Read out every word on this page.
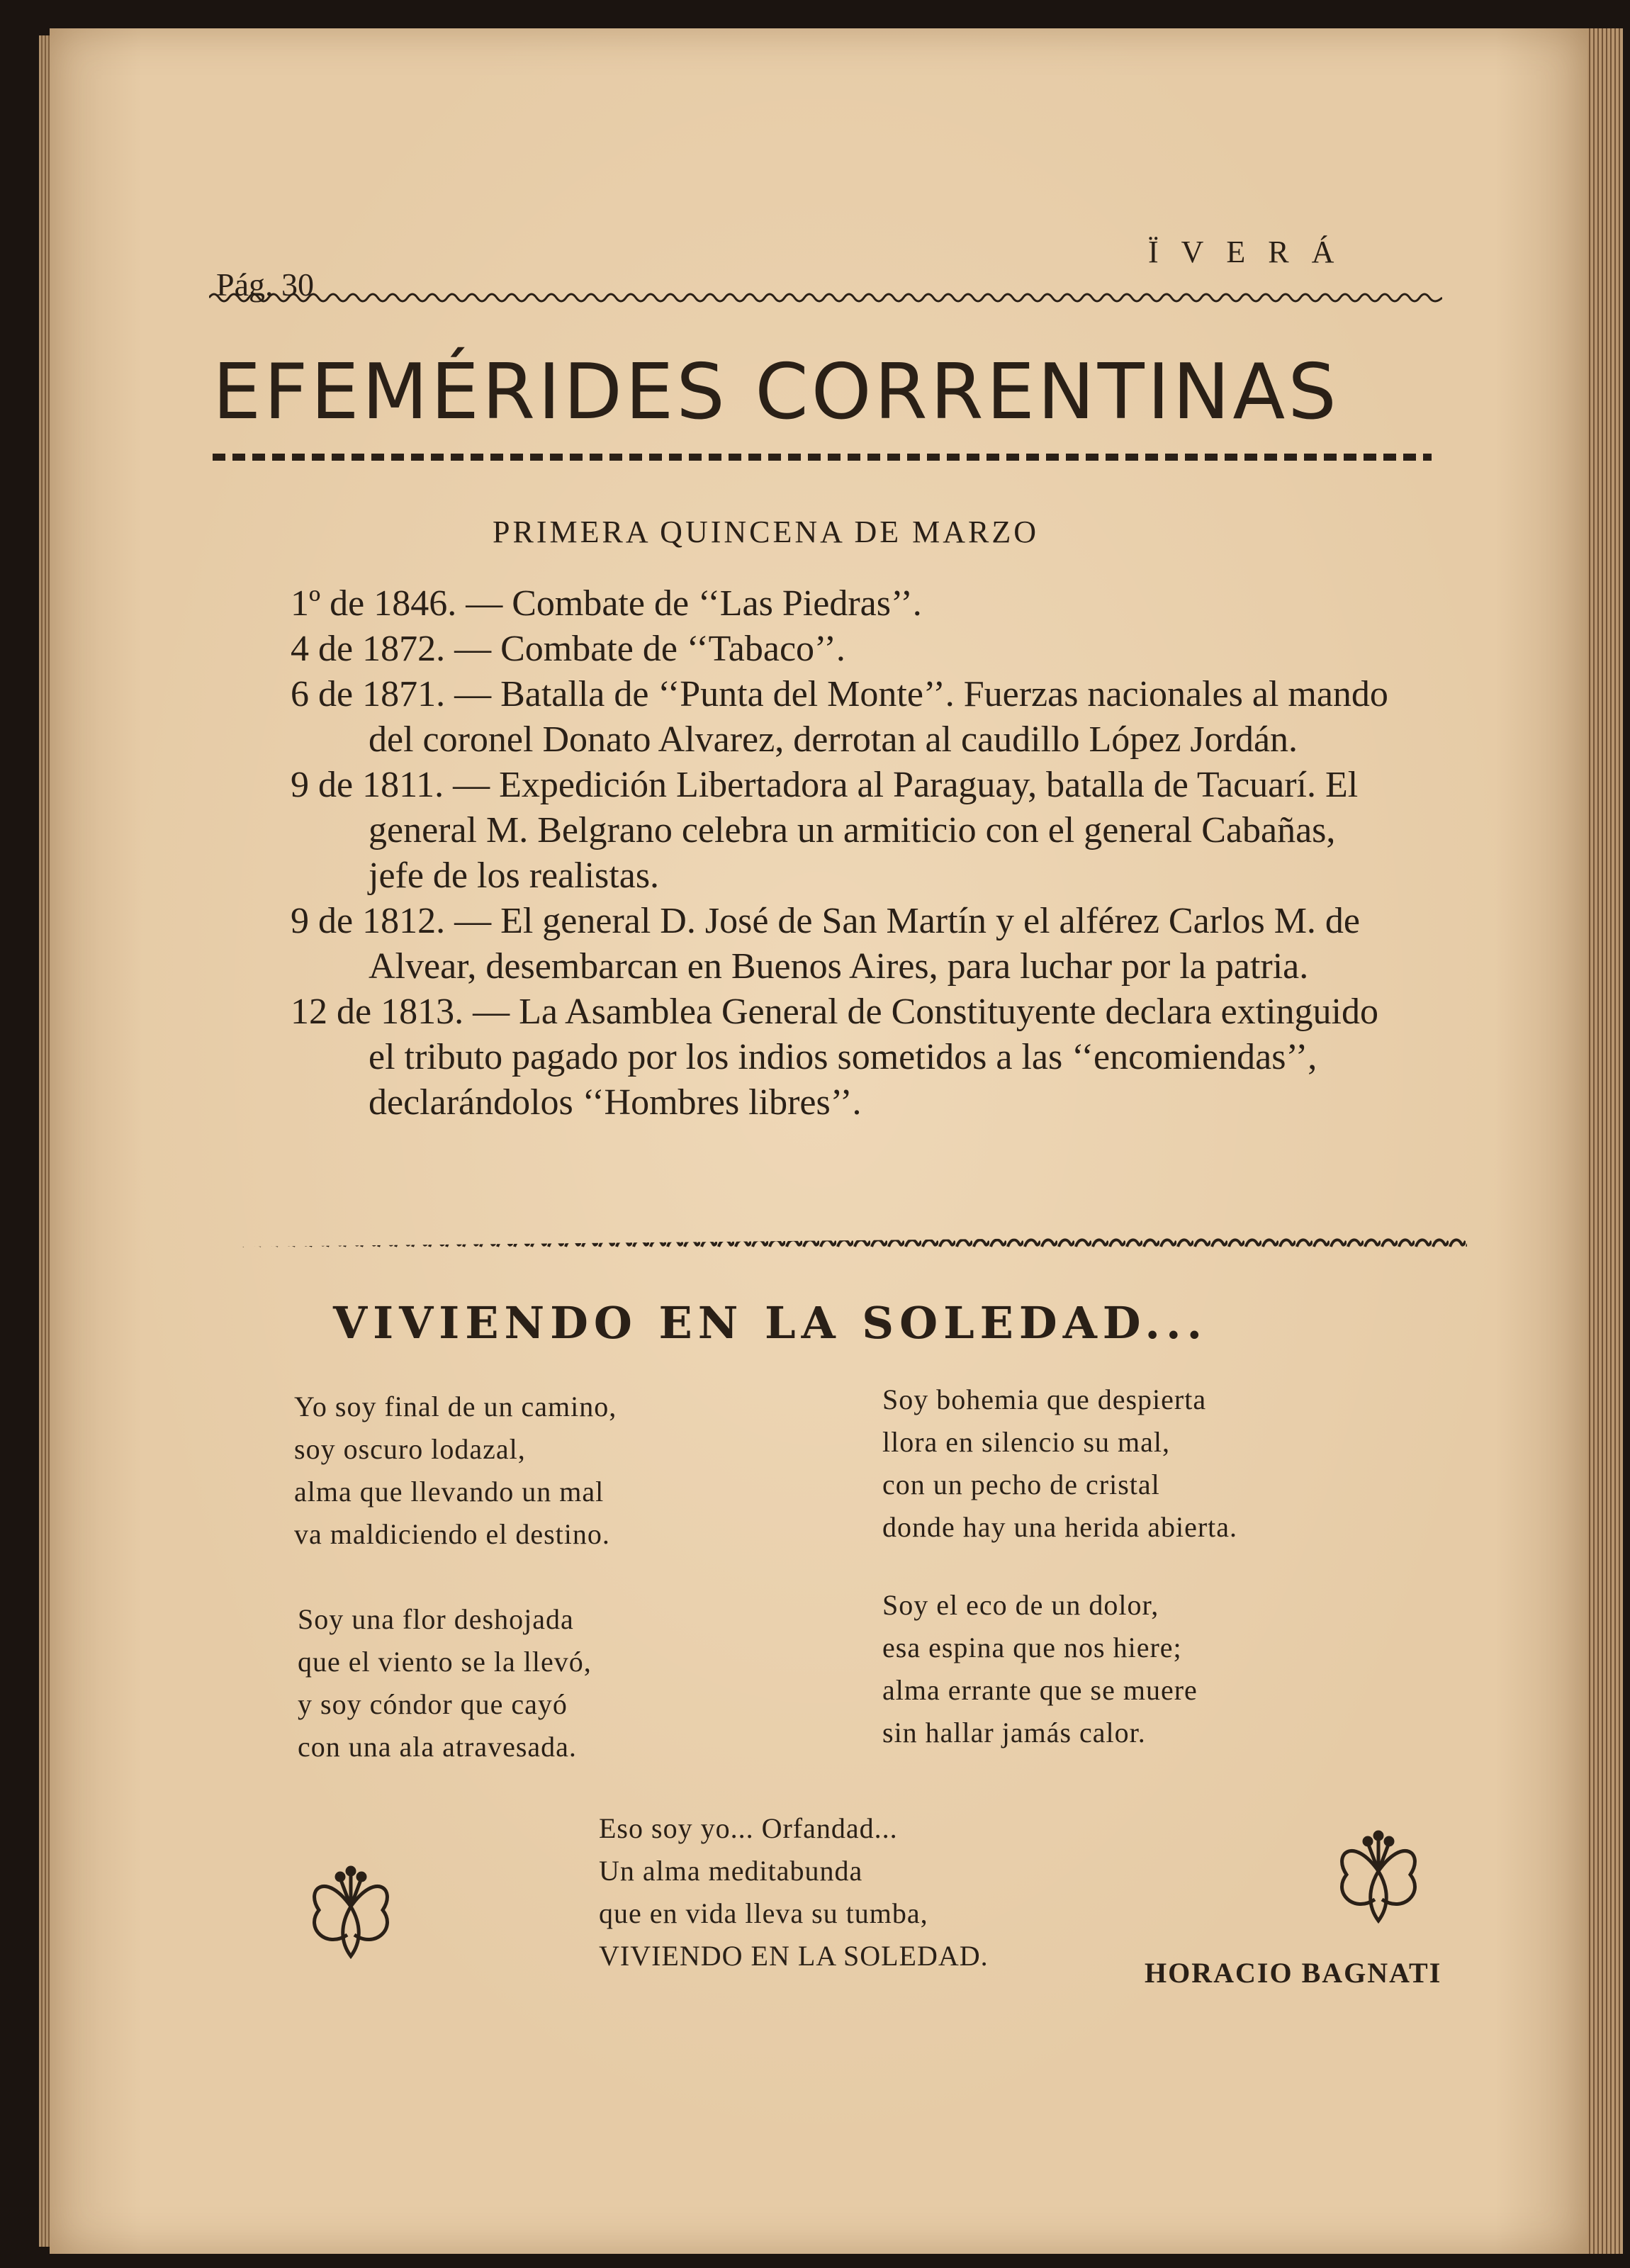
Pág. 30
ÏVERÁ
EFEMÉRIDES CORRENTINAS
PRIMERA QUINCENA DE MARZO

1º de 1846. — Combate de ‘‘Las Piedras’’.

4 de 1872. — Combate de ‘‘Tabaco’’.

6 de 1871. — Batalla de ‘‘Punta del Monte’’. Fuerzas nacionales al mando del coronel Donato Alvarez, derrotan al caudillo López Jordán.

9 de 1811. — Expedición Libertadora al Paraguay, batalla de Tacuarí. El general M. Belgrano celebra un armiticio con el general Cabañas, jefe de los realistas.

9 de 1812. — El general D. José de San Martín y el alférez Carlos M. de Alvear, desembarcan en Buenos Aires, para luchar por la patria.

12 de 1813. — La Asamblea General de Constituyente declara extinguido el tributo pagado por los indios sometidos a las ‘‘encomiendas’’, declarándolos ‘‘Hombres libres’’.

VIVIENDO EN LA SOLEDAD...
Yo soy final de un camino,
soy oscuro lodazal,
alma que llevando un mal
va maldiciendo el destino.
Soy una flor deshojada
que el viento se la llevó,
y soy cóndor que cayó
con una ala atravesada.
Soy bohemia que despierta
llora en silencio su mal,
con un pecho de cristal
donde hay una herida abierta.
Soy el eco de un dolor,
esa espina que nos hiere;
alma errante que se muere
sin hallar jamás calor.
Eso soy yo... Orfandad...
Un alma meditabunda
que en vida lleva su tumba,
VIVIENDO EN LA SOLEDAD.
HORACIO BAGNATI
